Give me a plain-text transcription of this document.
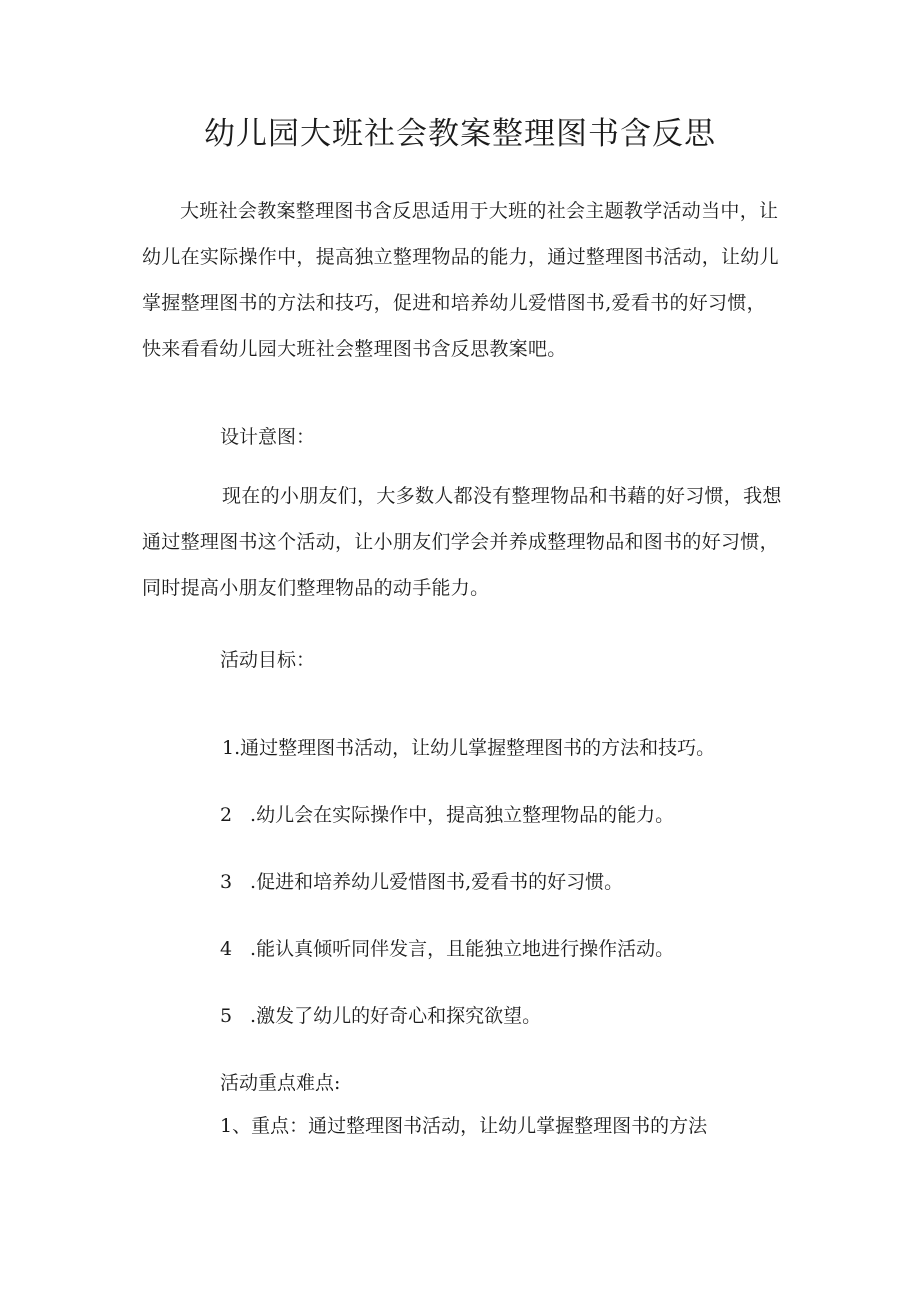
幼儿园大班社会教案整理图书含反思

大班社会教案整理图书含反思适用于大班的社会主题教学活动当中，让幼儿在实际操作中，提高独立整理物品的能力，通过整理图书活动，让幼儿掌握整理图书的方法和技巧，促进和培养幼儿爱惜图书,爱看书的好习惯，快来看看幼儿园大班社会整理图书含反思教案吧。

设计意图：

现在的小朋友们，大多数人都没有整理物品和书藉的好习惯，我想通过整理图书这个活动，让小朋友们学会并养成整理物品和图书的好习惯，同时提高小朋友们整理物品的动手能力。

活动目标：

1.通过整理图书活动，让幼儿掌握整理图书的方法和技巧。

2 .幼儿会在实际操作中，提高独立整理物品的能力。

3 .促进和培养幼儿爱惜图书,爱看书的好习惯。

4 .能认真倾听同伴发言，且能独立地进行操作活动。

5 .激发了幼儿的好奇心和探究欲望。

活动重点难点:

1、重点：通过整理图书活动，让幼儿掌握整理图书的方法
